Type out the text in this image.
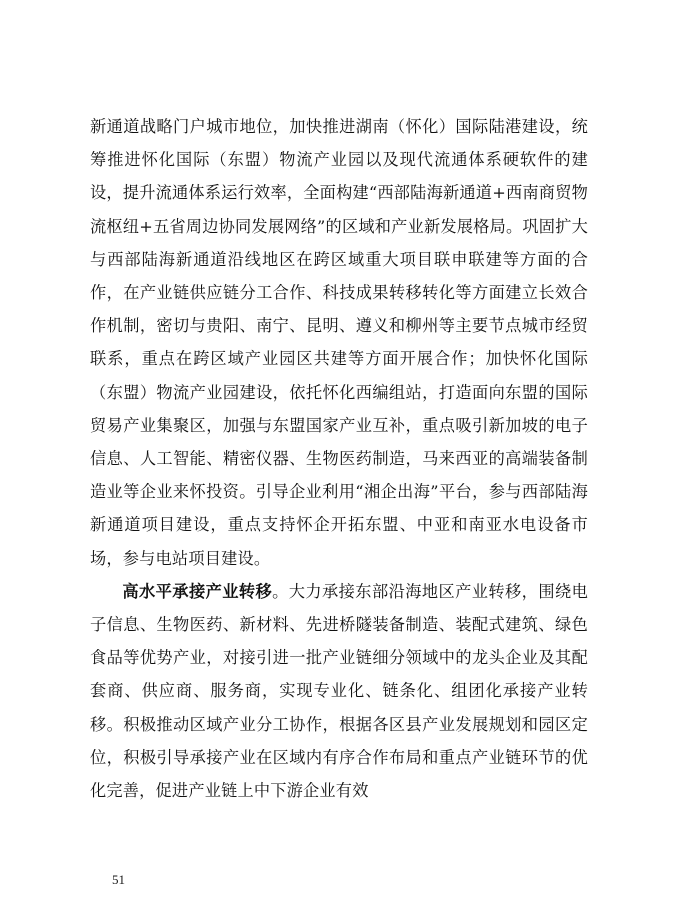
新通道战略门户城市地位，加快推进湖南（怀化）国际陆港建设，统筹推进怀化国际（东盟）物流产业园以及现代流通体系硬软件的建设，提升流通体系运行效率，全面构建“西部陆海新通道+西南商贸物流枢纽+五省周边协同发展网络”的区域和产业新发展格局。巩固扩大与西部陆海新通道沿线地区在跨区域重大项目联申联建等方面的合作，在产业链供应链分工合作、科技成果转移转化等方面建立长效合作机制，密切与贵阳、南宁、昆明、遵义和柳州等主要节点城市经贸联系，重点在跨区域产业园区共建等方面开展合作；加快怀化国际（东盟）物流产业园建设，依托怀化西编组站，打造面向东盟的国际贸易产业集聚区，加强与东盟国家产业互补，重点吸引新加坡的电子信息、人工智能、精密仪器、生物医药制造，马来西亚的高端装备制造业等企业来怀投资。引导企业利用“湘企出海”平台，参与西部陆海新通道项目建设，重点支持怀企开拓东盟、中亚和南亚水电设备市场，参与电站项目建设。

高水平承接产业转移。大力承接东部沿海地区产业转移，围绕电子信息、生物医药、新材料、先进桥隧装备制造、装配式建筑、绿色食品等优势产业，对接引进一批产业链细分领域中的龙头企业及其配套商、供应商、服务商，实现专业化、链条化、组团化承接产业转移。积极推动区域产业分工协作，根据各区县产业发展规划和园区定位，积极引导承接产业在区域内有序合作布局和重点产业链环节的优化完善，促进产业链上中下游企业有效

51
